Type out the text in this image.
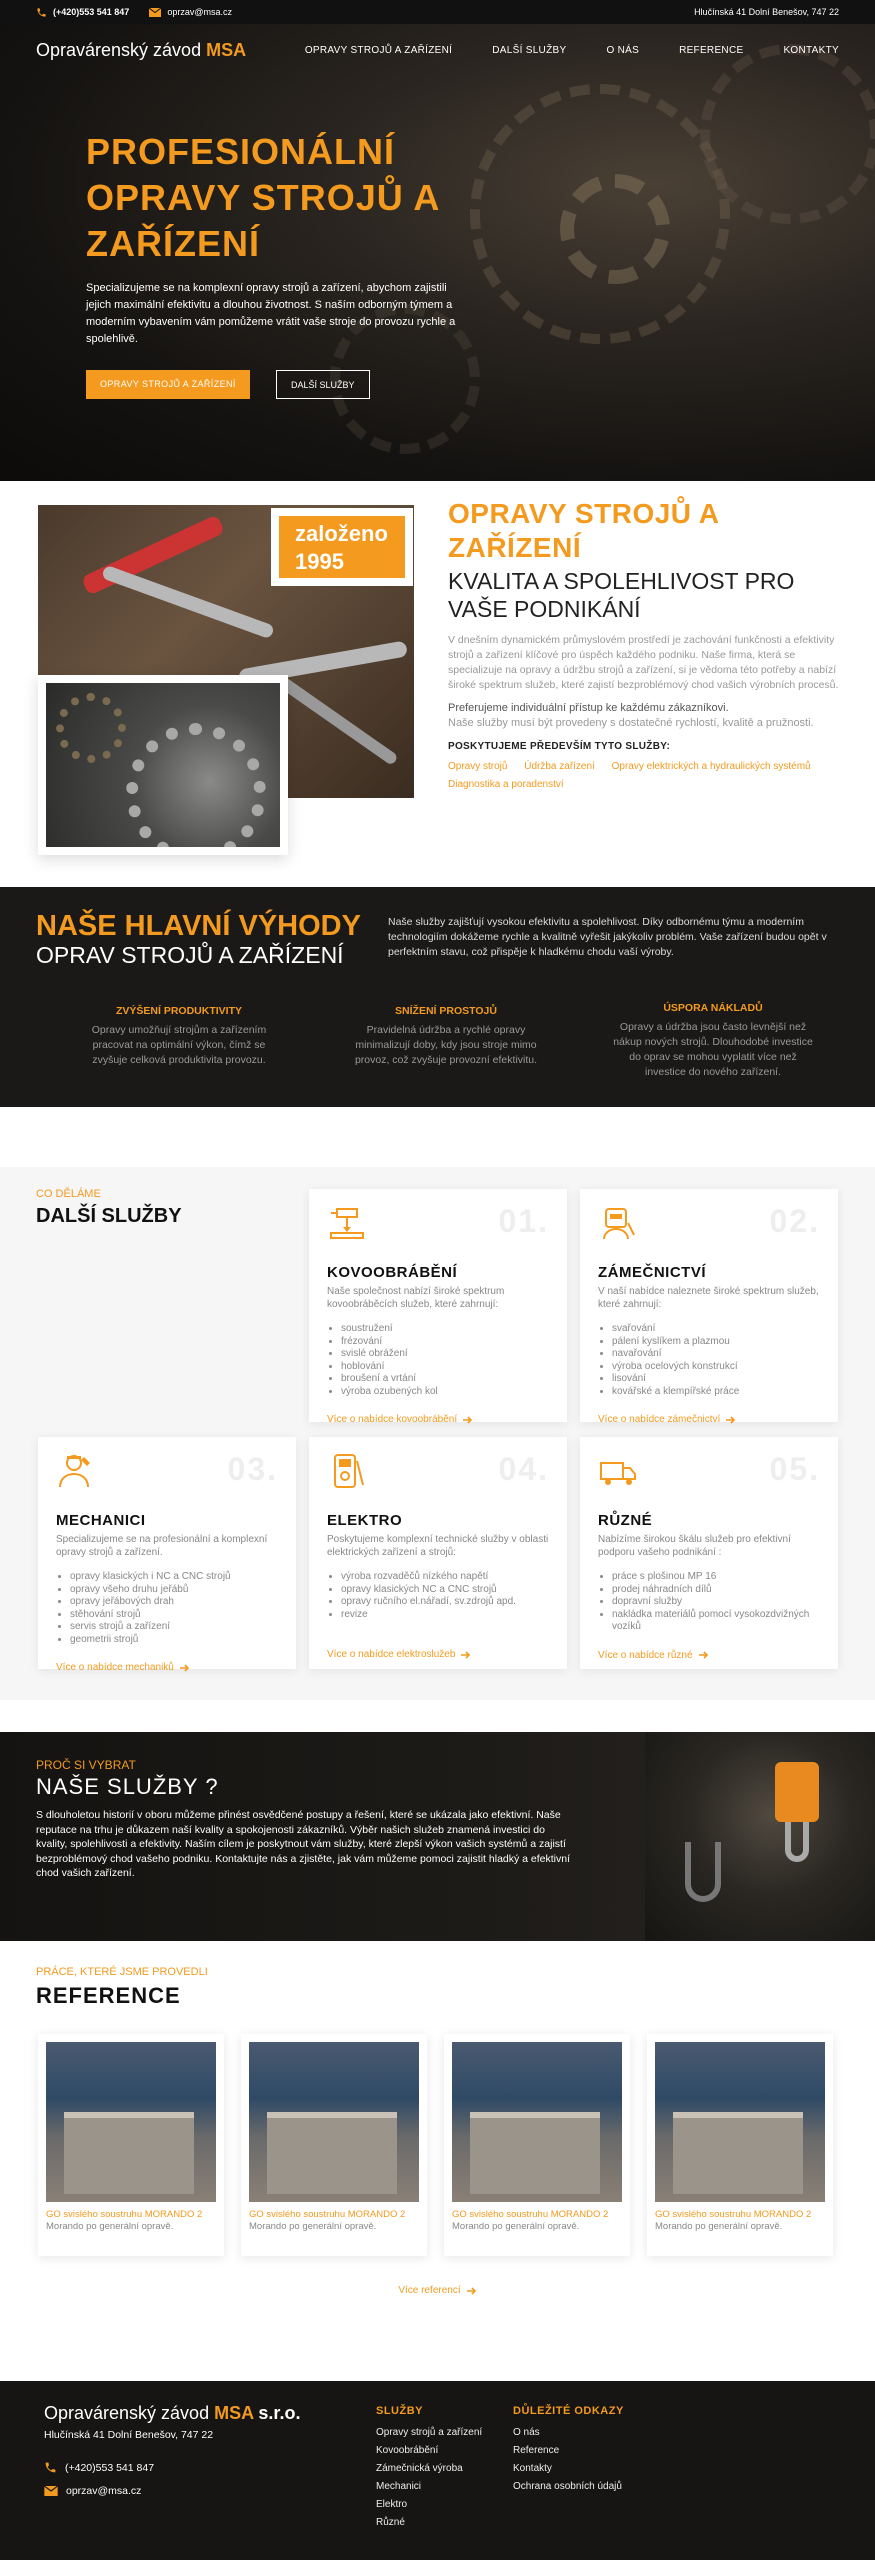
(+420)553 541 847	oprzav@msa.cz	Hlučínská 41 Dolní Benešov, 747 22
Opravárenský závod MSA	OPRAVY STROJŮ A ZAŘÍZENÍ	DALŠÍ SLUŽBY	O NÁS	REFERENCE	KONTAKTY
PROFESIONÁLNÍ OPRAVY STROJŮ A ZAŘÍZENÍ

Specializujeme se na komplexní opravy strojů a zařízení, abychom zajistili jejich maximální efektivitu a dlouhou životnost. S naším odborným týmem a moderním vybavením vám pomůžeme vrátit vaše stroje do provozu rychle a spolehlivě.

OPRAVY STROJŮ A ZAŘÍZENÍ	DALŠÍ SLUŽBY
založeno 1995
OPRAVY STROJŮ A ZAŘÍZENÍ
KVALITA A SPOLEHLIVOST PRO VAŠE PODNIKÁNÍ

V dnešním dynamickém průmyslovém prostředí je zachování funkčnosti a efektivity strojů a zařízení klíčové pro úspěch každého podniku. Naše firma, která se specializuje na opravy a údržbu strojů a zařízení, si je vědoma této potřeby a nabízí široké spektrum služeb, které zajistí bezproblémový chod vašich výrobních procesů.

Preferujeme individuální přístup ke každému zákazníkovi.
Naše služby musí být provedeny s dostatečné rychlostí, kvalitě a pružnosti.

POSKYTUJEME PŘEDEVŠÍM TYTO SLUŽBY:
Opravy strojů Údržba zařízení Opravy elektrických a hydraulických systémů Diagnostika a poradenství
NAŠE HLAVNÍ VÝHODY
OPRAV STROJŮ A ZAŘÍZENÍ

Naše služby zajišťují vysokou efektivitu a spolehlivost. Díky odbornému týmu a moderním technologiím dokážeme rychle a kvalitně vyřešit jakýkoliv problém. Vaše zařízení budou opět v perfektním stavu, což přispěje k hladkému chodu vaší výroby.

ZVÝŠENÍ PRODUKTIVITY
Opravy umožňují strojům a zařízením pracovat na optimální výkon, čímž se zvyšuje celková produktivita provozu.
SNÍŽENÍ PROSTOJŮ
Pravidelná údržba a rychlé opravy minimalizují doby, kdy jsou stroje mimo provoz, což zvyšuje provozní efektivitu.
ÚSPORA NÁKLADŮ
Opravy a údržba jsou často levnější než nákup nových strojů. Dlouhodobé investice do oprav se mohou vyplatit více než investice do nového zařízení.
CO DĚLÁME
DALŠÍ SLUŽBY	01.
KOVOOBRÁBĚNÍ
Naše společnost nabízí široké spektrum kovoobráběcích služeb, které zahrnují:
• soustružení
• frézování
• svislé obrážení
• hoblování
• broušení a vrtání
• výroba ozubených kol
Více o nabídce kovoobrábění
02.
ZÁMEČNICTVÍ
V naší nabídce naleznete široké spektrum služeb, které zahrnují:
• svařování
• pálení kyslíkem a plazmou
• navařování
• výroba ocelových konstrukcí
• lisování
• kovářské a klempířské práce
Více o nabídce zámečnictví
03.
MECHANICI
Specializujeme se na profesionální a komplexní opravy strojů a zařízení.
• opravy klasických i NC a CNC strojů
• opravy všeho druhu jeřábů
• opravy jeřábových drah
• stěhování strojů
• servis strojů a zařízení
• geometrii strojů
Více o nabídce mechaniků
04.
ELEKTRO
Poskytujeme komplexní technické služby v oblasti elektrických zařízení a strojů:
• výroba rozvaděčů nízkého napětí
• opravy klasických NC a CNC strojů
• opravy ručního el.nářadí, sv.zdrojů apd.
• revize
Více o nabídce elektroslužeb
05.
RŮZNÉ
Nabízíme širokou škálu služeb pro efektivní podporu vašeho podnikání :
• práce s plošinou MP 16
• prodej náhradních dílů
• dopravní služby
• nakládka materiálů pomocí vysokozdvižných vozíků
Více o nabídce různé
PROČ SI VYBRAT
NAŠE SLUŽBY ?

S dlouholetou historií v oboru můžeme přinést osvědčené postupy a řešení, které se ukázala jako efektivní. Naše reputace na trhu je důkazem naší kvality a spokojenosti zákazníků. Výběr našich služeb znamená investici do kvality, spolehlivosti a efektivity. Naším cílem je poskytnout vám služby, které zlepší výkon vašich systémů a zajistí bezproblémový chod vašeho podniku. Kontaktujte nás a zjistěte, jak vám můžeme pomoci zajistit hladký a efektivní chod vašich zařízení.

PRÁCE, KTERÉ JSME PROVEDLI
REFERENCE
GO svislého soustruhu MORANDO 2
Morando po generální opravě.
GO svislého soustruhu MORANDO 2
Morando po generální opravě.
GO svislého soustruhu MORANDO 2
Morando po generální opravě.
GO svislého soustruhu MORANDO 2
Morando po generální opravě.
Více referencí
Opravárenský závod MSA s.r.o.
Hlučínská 41 Dolní Benešov, 747 22
(+420)553 541 847
oprzav@msa.cz
SLUŽBY
Opravy strojů a zařízení
Kovoobrábění
Zámečnická výroba
Mechanici
Elektro
Různé
DŮLEŽITÉ ODKAZY
O nás
Reference
Kontakty
Ochrana osobních údajů
